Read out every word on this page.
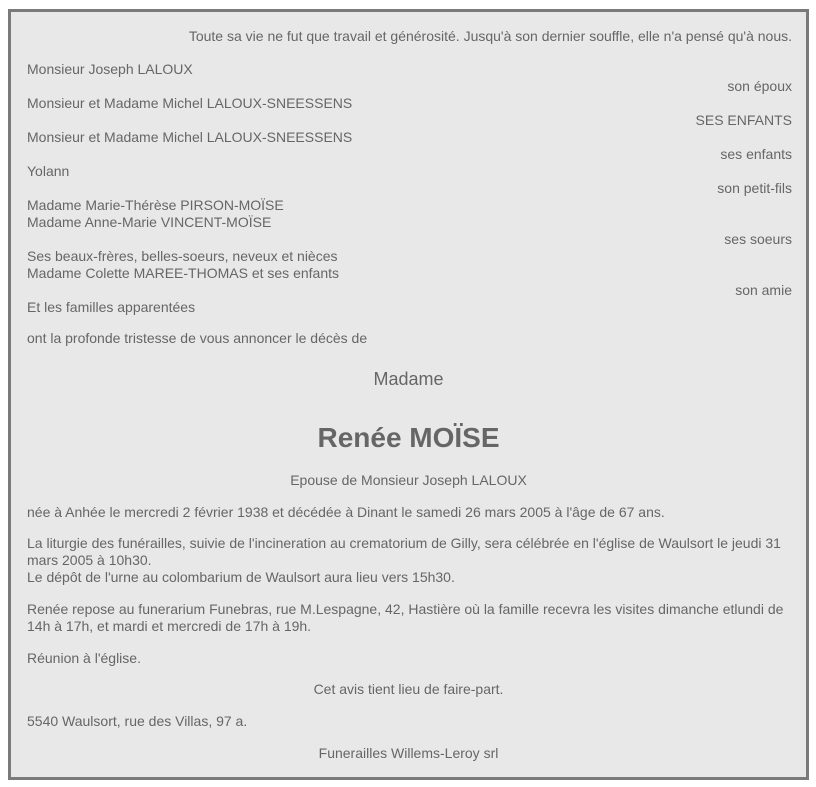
Toute sa vie ne fut que travail et générosité. Jusqu'à son dernier souffle, elle n'a pensé qu'à nous.
Monsieur Joseph LALOUX
son époux
Monsieur et Madame Michel LALOUX-SNEESSENS
SES ENFANTS
Monsieur et Madame Michel LALOUX-SNEESSENS
ses enfants
Yolann
son petit-fils
Madame Marie-Thérèse PIRSON-MOÏSE
Madame Anne-Marie VINCENT-MOÏSE
ses soeurs
Ses beaux-frères, belles-soeurs, neveux et nièces
Madame Colette MAREE-THOMAS et ses enfants
son amie
Et les familles apparentées
ont la profonde tristesse de vous annoncer le décès de
Madame
Renée MOÏSE
Epouse de Monsieur Joseph LALOUX
née à Anhée le mercredi 2 février 1938 et décédée à Dinant le samedi 26 mars 2005 à l'âge de 67 ans.
La liturgie des funérailles, suivie de l'incineration au crematorium de Gilly, sera célébrée en l'église de Waulsort le jeudi 31 mars 2005 à 10h30.
Le dépôt de l'urne au colombarium de Waulsort aura lieu vers 15h30.
Renée repose au funerarium Funebras, rue M.Lespagne, 42, Hastière où la famille recevra les visites dimanche etlundi de 14h à 17h, et mardi et mercredi de 17h à 19h.
Réunion à l'église.
Cet avis tient lieu de faire-part.
5540 Waulsort, rue des Villas, 97 a.
Funerailles Willems-Leroy srl
